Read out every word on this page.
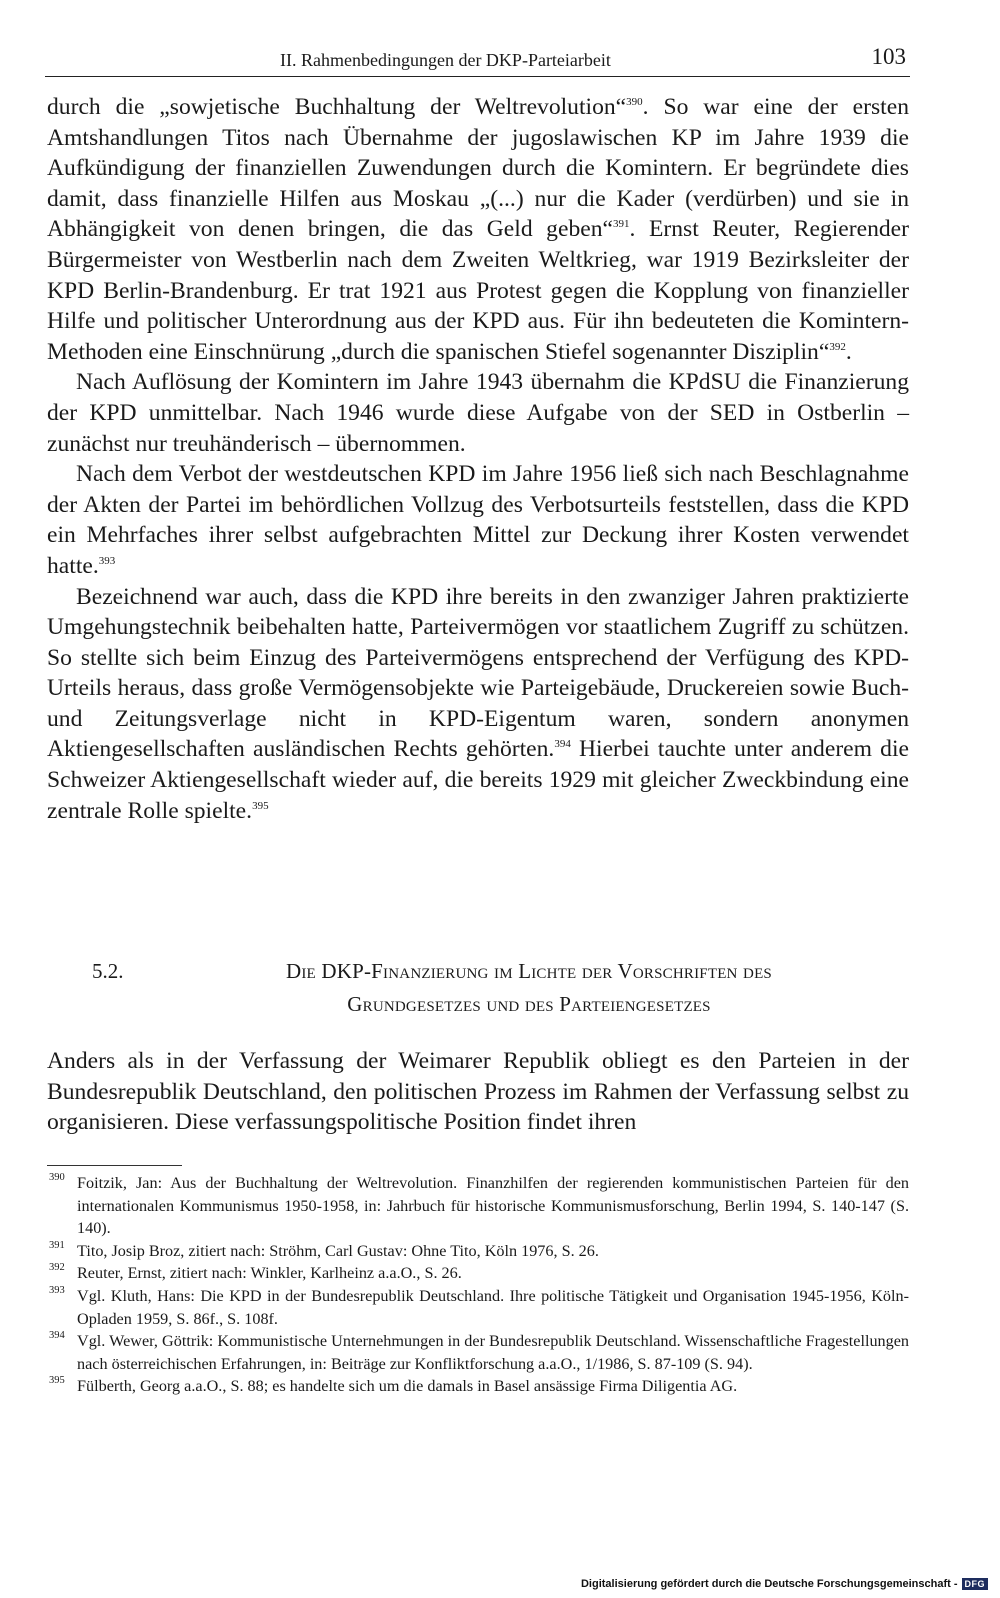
II. Rahmenbedingungen der DKP-Parteiarbeit	103

durch die „sowjetische Buchhaltung der Weltrevolution“$^{390}$. So war eine der ersten Amtshandlungen Titos nach Übernahme der jugoslawischen KP im Jahre 1939 die Aufkündigung der finanziellen Zuwendungen durch die Komintern. Er begründete dies damit, dass finanzielle Hilfen aus Moskau „(...) nur die Kader (verdürben) und sie in Abhängigkeit von denen bringen, die das Geld geben“$^{391}$. Ernst Reuter, Regierender Bürgermeister von Westberlin nach dem Zweiten Weltkrieg, war 1919 Bezirksleiter der KPD Berlin-Brandenburg. Er trat 1921 aus Protest gegen die Kopplung von finanzieller Hilfe und politischer Unterordnung aus der KPD aus. Für ihn bedeuteten die Komintern-Methoden eine Einschnürung „durch die spanischen Stiefel sogenannter Disziplin“$^{392}$.

Nach Auflösung der Komintern im Jahre 1943 übernahm die KPdSU die Finanzierung der KPD unmittelbar. Nach 1946 wurde diese Aufgabe von der SED in Ostberlin – zunächst nur treuhänderisch – übernommen.

Nach dem Verbot der westdeutschen KPD im Jahre 1956 ließ sich nach Beschlagnahme der Akten der Partei im behördlichen Vollzug des Verbotsurteils feststellen, dass die KPD ein Mehrfaches ihrer selbst aufgebrachten Mittel zur Deckung ihrer Kosten verwendet hatte.$^{393}$

Bezeichnend war auch, dass die KPD ihre bereits in den zwanziger Jahren praktizierte Umgehungstechnik beibehalten hatte, Parteivermögen vor staatlichem Zugriff zu schützen. So stellte sich beim Einzug des Parteivermögens entsprechend der Verfügung des KPD-Urteils heraus, dass große Vermögensobjekte wie Parteigebäude, Druckereien sowie Buch- und Zeitungsverlage nicht in KPD-Eigentum waren, sondern anonymen Aktiengesellschaften ausländischen Rechts gehörten.$^{394}$ Hierbei tauchte unter anderem die Schweizer Aktiengesellschaft wieder auf, die bereits 1929 mit gleicher Zweckbindung eine zentrale Rolle spielte.$^{395}$

5.2.	Die DKP-Finanzierung im Lichte der Vorschriften des
Grundgesetzes und des Parteiengesetzes

Anders als in der Verfassung der Weimarer Republik obliegt es den Parteien in der Bundesrepublik Deutschland, den politischen Prozess im Rahmen der Verfassung selbst zu organisieren. Diese verfassungspolitische Position findet ihren

390 Foitzik, Jan: Aus der Buchhaltung der Weltrevolution. Finanzhilfen der regierenden kommunistischen Parteien für den internationalen Kommunismus 1950-1958, in: Jahrbuch für historische Kommunismusforschung, Berlin 1994, S. 140-147 (S. 140).
391 Tito, Josip Broz, zitiert nach: Ströhm, Carl Gustav: Ohne Tito, Köln 1976, S. 26.
392 Reuter, Ernst, zitiert nach: Winkler, Karlheinz a.a.O., S. 26.
393 Vgl. Kluth, Hans: Die KPD in der Bundesrepublik Deutschland. Ihre politische Tätigkeit und Organisation 1945-1956, Köln-Opladen 1959, S. 86f., S. 108f.
394 Vgl. Wewer, Göttrik: Kommunistische Unternehmungen in der Bundesrepublik Deutschland. Wissenschaftliche Fragestellungen nach österreichischen Erfahrungen, in: Beiträge zur Konfliktforschung a.a.O., 1/1986, S. 87-109 (S. 94).
395 Fülberth, Georg a.a.O., S. 88; es handelte sich um die damals in Basel ansässige Firma Diligentia AG.
Digitalisierung gefördert durch die Deutsche Forschungsgemeinschaft - DFG
